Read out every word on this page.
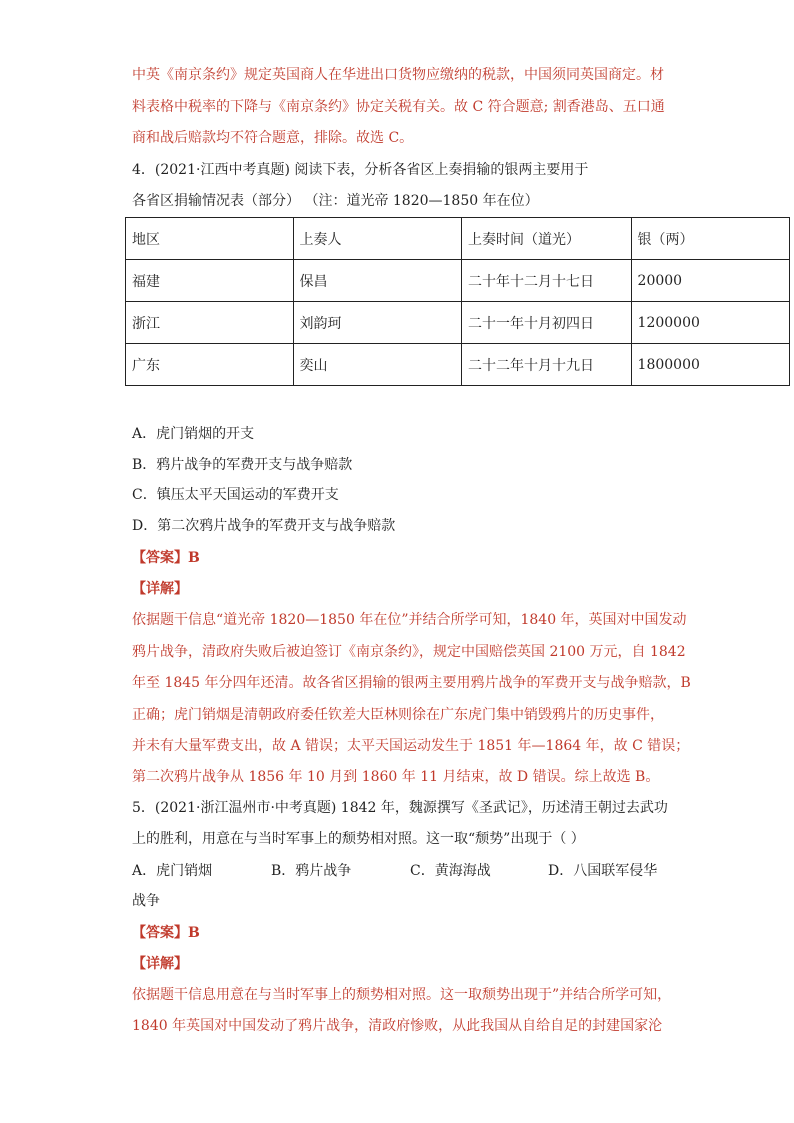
中英《南京条约》规定英国商人在华进出口货物应缴纳的税款，中国须同英国商定。材
料表格中税率的下降与《南京条约》协定关税有关。故 C 符合题意; 割香港岛、五口通
商和战后赔款均不符合题意，排除。故选 C。
4．(2021·江西中考真题) 阅读下表，分析各省区上奏捐输的银两主要用于
各省区捐输情况表（部分） （注：道光帝 1820—1850 年在位）
地区	上奏人	上奏时间（道光）	银（两）
福建	保昌	二十年十二月十七日	20000
浙江	刘韵珂	二十一年十月初四日	1200000
广东	奕山	二十二年十月十九日	1800000
A．虎门销烟的开支
B．鸦片战争的军费开支与战争赔款
C．镇压太平天国运动的军费开支
D．第二次鸦片战争的军费开支与战争赔款
【答案】B
【详解】
依据题干信息“道光帝 1820—1850 年在位”并结合所学可知，1840 年，英国对中国发动
鸦片战争，清政府失败后被迫签订《南京条约》，规定中国赔偿英国 2100 万元，自 1842
年至 1845 年分四年还清。故各省区捐输的银两主要用鸦片战争的军费开支与战争赔款，B
正确；虎门销烟是清朝政府委任钦差大臣林则徐在广东虎门集中销毁鸦片的历史事件，
并未有大量军费支出，故 A 错误；太平天国运动发生于 1851 年—1864 年，故 C 错误；
第二次鸦片战争从 1856 年 10 月到 1860 年 11 月结束，故 D 错误。综上故选 B。
5．(2021·浙江温州市·中考真题) 1842 年，魏源撰写《圣武记》，历述清王朝过去武功
上的胜利，用意在与当时军事上的颓势相对照。这一取“颓势”出现于（ ）
A．虎门销烟	B．鸦片战争	C．黄海海战	D．八国联军侵华
战争
【答案】B
【详解】
依据题干信息用意在与当时军事上的颓势相对照。这一取颓势出现于”并结合所学可知，
1840 年英国对中国发动了鸦片战争，清政府惨败，从此我国从自给自足的封建国家沦
